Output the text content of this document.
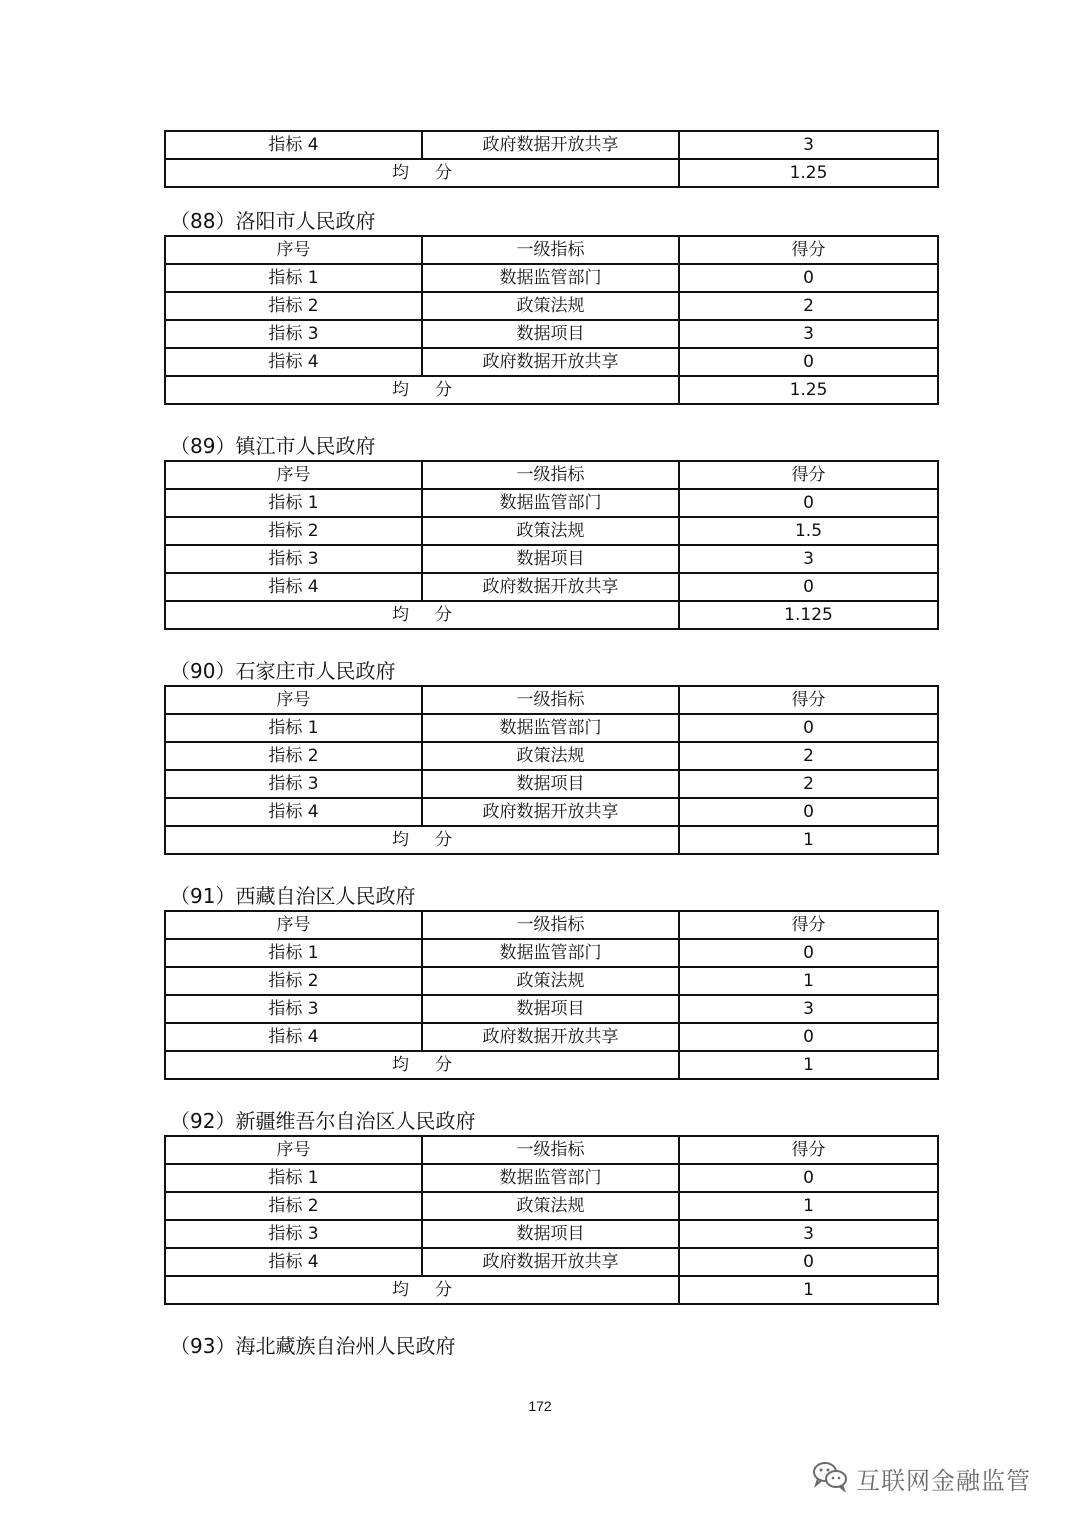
指标 4	政府数据开放共享	3
均分		1.25
（88）洛阳市人民政府
序号	一级指标	得分
指标 1	数据监管部门	0
指标 2	政策法规	2
指标 3	数据项目	3
指标 4	政府数据开放共享	0
均分		1.25
（89）镇江市人民政府
序号	一级指标	得分
指标 1	数据监管部门	0
指标 2	政策法规	1.5
指标 3	数据项目	3
指标 4	政府数据开放共享	0
均分		1.125
（90）石家庄市人民政府
序号	一级指标	得分
指标 1	数据监管部门	0
指标 2	政策法规	2
指标 3	数据项目	2
指标 4	政府数据开放共享	0
均分		1
（91）西藏自治区人民政府
序号	一级指标	得分
指标 1	数据监管部门	0
指标 2	政策法规	1
指标 3	数据项目	3
指标 4	政府数据开放共享	0
均分		1
（92）新疆维吾尔自治区人民政府
序号	一级指标	得分
指标 1	数据监管部门	0
指标 2	政策法规	1
指标 3	数据项目	3
指标 4	政府数据开放共享	0
均分		1
（93）海北藏族自治州人民政府
172
互联网金融监管
